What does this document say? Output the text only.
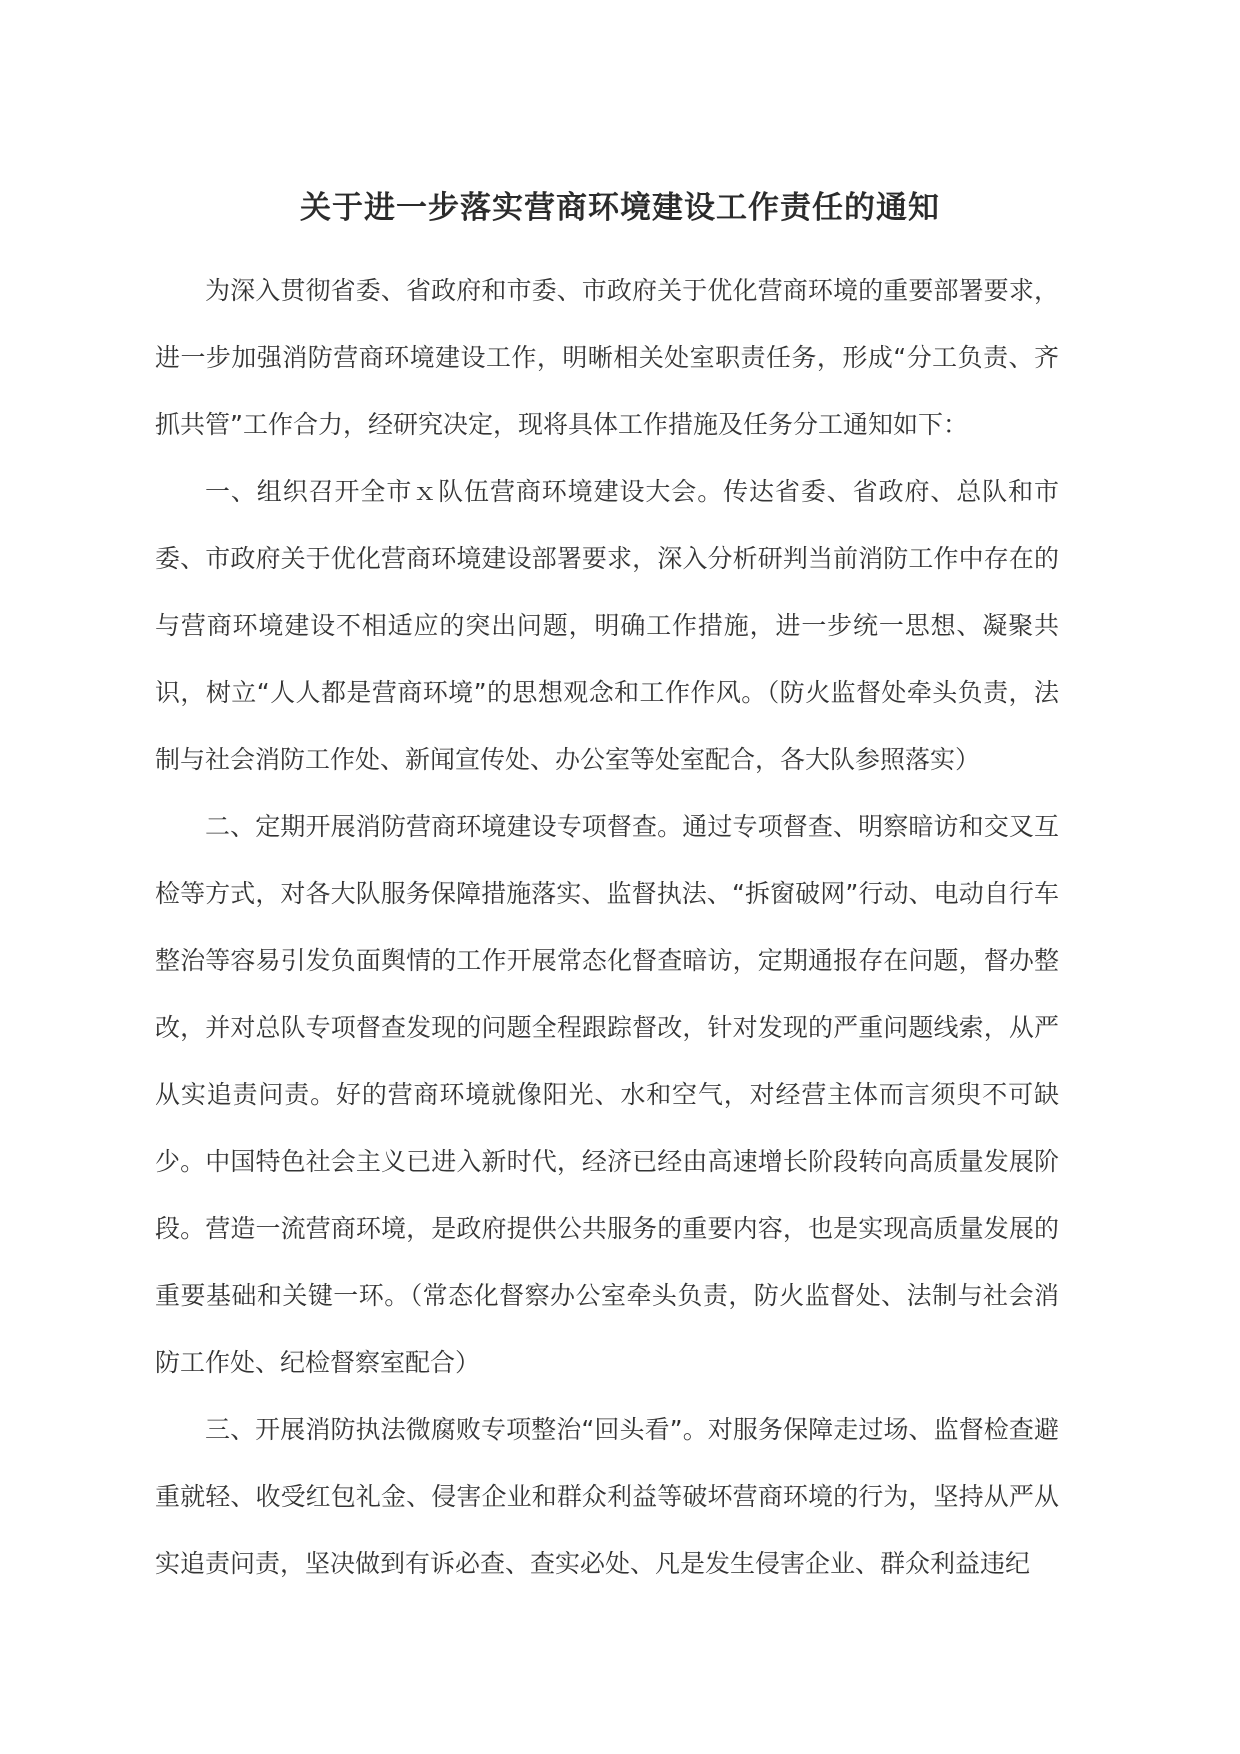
关于进一步落实营商环境建设工作责任的通知

为深入贯彻省委、省政府和市委、市政府关于优化营商环境的重要部署要求，进一步加强消防营商环境建设工作，明晰相关处室职责任务，形成“分工负责、齐抓共管”工作合力，经研究决定，现将具体工作措施及任务分工通知如下：

一、组织召开全市ｘ队伍营商环境建设大会。传达省委、省政府、总队和市委、市政府关于优化营商环境建设部署要求，深入分析研判当前消防工作中存在的与营商环境建设不相适应的突出问题，明确工作措施，进一步统一思想、凝聚共识，树立“人人都是营商环境”的思想观念和工作作风。（防火监督处牵头负责，法制与社会消防工作处、新闻宣传处、办公室等处室配合，各大队参照落实）

二、定期开展消防营商环境建设专项督查。通过专项督查、明察暗访和交叉互检等方式，对各大队服务保障措施落实、监督执法、“拆窗破网”行动、电动自行车整治等容易引发负面舆情的工作开展常态化督查暗访，定期通报存在问题，督办整改，并对总队专项督查发现的问题全程跟踪督改，针对发现的严重问题线索，从严从实追责问责。好的营商环境就像阳光、水和空气，对经营主体而言须臾不可缺少。中国特色社会主义已进入新时代，经济已经由高速增长阶段转向高质量发展阶段。营造一流营商环境，是政府提供公共服务的重要内容，也是实现高质量发展的重要基础和关键一环。（常态化督察办公室牵头负责，防火监督处、法制与社会消防工作处、纪检督察室配合）

三、开展消防执法微腐败专项整治“回头看”。对服务保障走过场、监督检查避重就轻、收受红包礼金、侵害企业和群众利益等破坏营商环境的行为，坚持从严从实追责问责，坚决做到有诉必查、查实必处、凡是发生侵害企业、群众利益违纪
